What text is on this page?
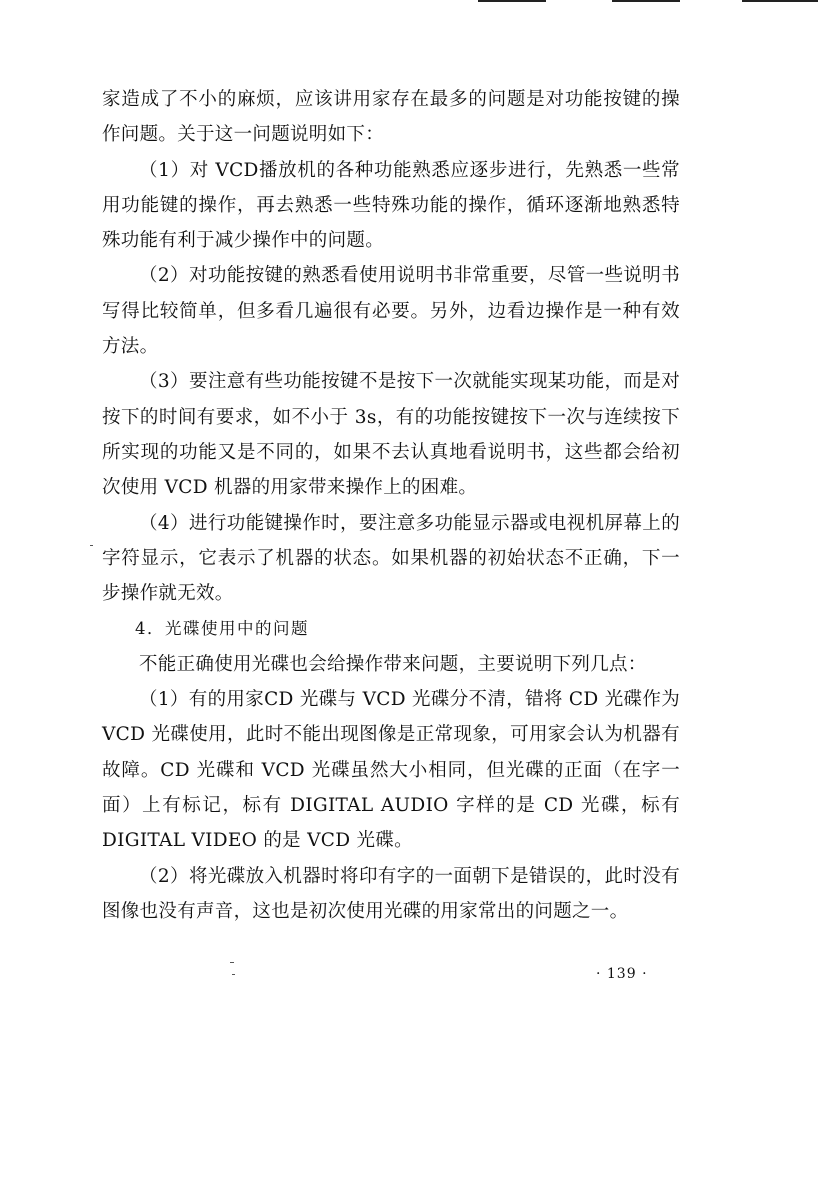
家造成了不小的麻烦，应该讲用家存在最多的问题是对功能按键的操作问题。关于这一问题说明如下：

（1）对 VCD播放机的各种功能熟悉应逐步进行，先熟悉一些常用功能键的操作，再去熟悉一些特殊功能的操作，循环逐渐地熟悉特殊功能有利于减少操作中的问题。

（2）对功能按键的熟悉看使用说明书非常重要，尽管一些说明书写得比较简单，但多看几遍很有必要。另外，边看边操作是一种有效方法。

（3）要注意有些功能按键不是按下一次就能实现某功能，而是对按下的时间有要求，如不小于 3s，有的功能按键按下一次与连续按下所实现的功能又是不同的，如果不去认真地看说明书，这些都会给初次使用 VCD 机器的用家带来操作上的困难。

（4）进行功能键操作时，要注意多功能显示器或电视机屏幕上的字符显示，它表示了机器的状态。如果机器的初始状态不正确，下一步操作就无效。

4．光碟使用中的问题

不能正确使用光碟也会给操作带来问题，主要说明下列几点：

（1）有的用家CD 光碟与 VCD 光碟分不清，错将 CD 光碟作为 VCD 光碟使用，此时不能出现图像是正常现象，可用家会认为机器有故障。CD 光碟和 VCD 光碟虽然大小相同，但光碟的正面（在字一面）上有标记，标有 DIGITAL AUDIO 字样的是 CD 光碟，标有 DIGITAL VIDEO 的是 VCD 光碟。

（2）将光碟放入机器时将印有字的一面朝下是错误的，此时没有图像也没有声音，这也是初次使用光碟的用家常出的问题之一。

· 139 ·
